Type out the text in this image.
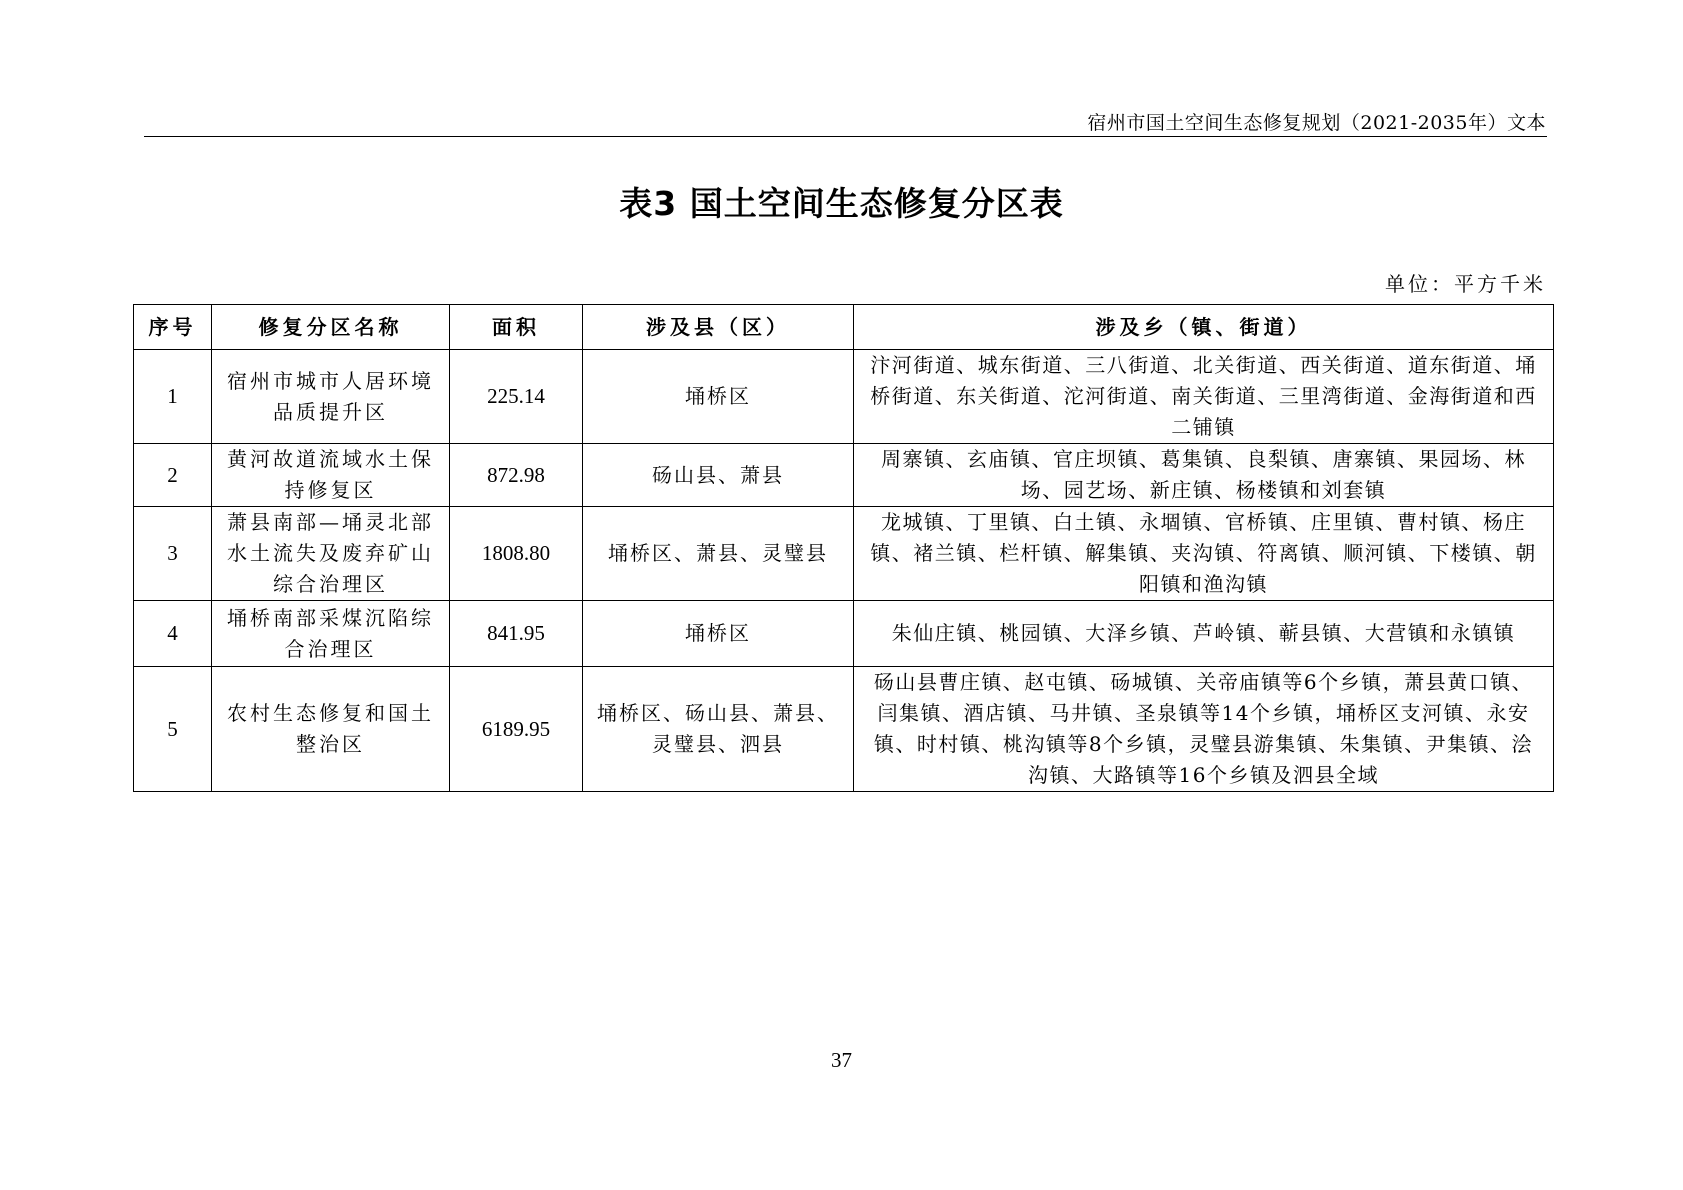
宿州市国土空间生态修复规划（2021-2035年）文本
表3 国土空间生态修复分区表
单位：平方千米
序号	修复分区名称	面积	涉及县（区）	涉及乡（镇、街道）
1	宿州市城市人居环境品质提升区	225.14	埇桥区	汴河街道、城东街道、三八街道、北关街道、西关街道、道东街道、埇桥街道、东关街道、沱河街道、南关街道、三里湾街道、金海街道和西二铺镇
2	黄河故道流域水土保持修复区	872.98	砀山县、萧县	周寨镇、玄庙镇、官庄坝镇、葛集镇、良梨镇、唐寨镇、果园场、林场、园艺场、新庄镇、杨楼镇和刘套镇
3	萧县南部—埇灵北部水土流失及废弃矿山综合治理区	1808.80	埇桥区、萧县、灵璧县	龙城镇、丁里镇、白土镇、永堌镇、官桥镇、庄里镇、曹村镇、杨庄镇、褚兰镇、栏杆镇、解集镇、夹沟镇、符离镇、顺河镇、下楼镇、朝阳镇和渔沟镇
4	埇桥南部采煤沉陷综合治理区	841.95	埇桥区	朱仙庄镇、桃园镇、大泽乡镇、芦岭镇、蕲县镇、大营镇和永镇镇
5	农村生态修复和国土整治区	6189.95	埇桥区、砀山县、萧县、灵璧县、泗县	砀山县曹庄镇、赵屯镇、砀城镇、关帝庙镇等6个乡镇，萧县黄口镇、闫集镇、酒店镇、马井镇、圣泉镇等14个乡镇，埇桥区支河镇、永安镇、时村镇、桃沟镇等8个乡镇，灵璧县游集镇、朱集镇、尹集镇、浍沟镇、大路镇等16个乡镇及泗县全域
37
